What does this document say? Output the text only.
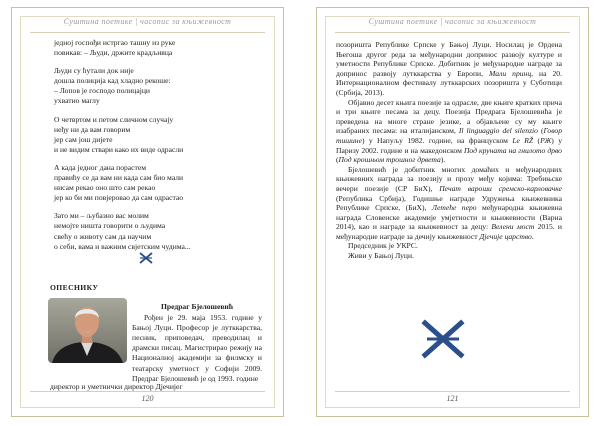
Суштина поетике | часопис за књижевност
једној госпођи истргао ташну из руке
повикав: – Људи, држите крадљивца
Људи су ћутали док није
дошла полиција кад хладно рекоше:
– Лопов је господо полицајци
ухватио маглу
О четвртом и петом сличном случају
неђу ни да вам говорим
јер сам још дијете
и не видим ствари како их виде одрасли
А када једног дана порастем
правићу се да вам ни када сам био мали
нисам рекао оно што сам рекао
јер ко би ми повјеровао да сам одрастао
Зато ми – љубазно вас молим
немојте ништа говорити о људима
свећу о животу сам да научим
о себи, вама и важним свјетским чудима...
ОПЕСНИКУ
Предраг Бјелошевић
Рођен је 29. маја 1953. године у Бањој Луци. Професор је лутккарства, песник, приповедач, преводилац и драмски писац. Магистрирао режију на Националној академији за филмску и театарску уметност у Софији 2009. Предраг Бјелошевић је од 1993. године
директор и уметнички директор Дјечијег
120
Суштина поетике | часопис за књижевност

позоришта Републике Српске у Бањој Луци. Носилац је Ордена Његоша другог реда за међународни допринос развоју културе и уметности Републике Српске. Добитник је међународне награде за допринос развоју лутккарства у Европи, Мали принц, на 20. Интернационалном фестивалу лутккарских позоришта у Суботици (Србија, 2013).

Објавио десет књига поезије за одрасле, две књиге кратких прича и три књиге песама за децу. Поезија Предрага Бјелошевића је преведена на многе стране језике, а објављене су му књиге изабраних песама: на италијанском, Il linguaggio del silenzio (Говор тишине) у Напуљу 1982. године, на француском Le RŽ (РЖ) у Паризу 2002. године и на македонском Под круната на гнилото дрво (Под крошњом трошног дрвета).

Бјелошевић је добитник многих домаћих и међународних књижевних награда за поезију и прозу међу којима: Требињске вечери поезије (СР БиХ), Печат вароши сремско-карловачке (Република Србија), Годишње награде Удружења књижевника Републике Српске, (БиХ), Летеће перо међународна књижевна награда Словенске академије умјетности и књижевности (Варна 2014), као и награде за књижевност за децу: Велени мост 2015. и међународне награде за дечију књижевност Дјечије царство.

Председник је УКРС.

Живи у Бањој Луци.

121
